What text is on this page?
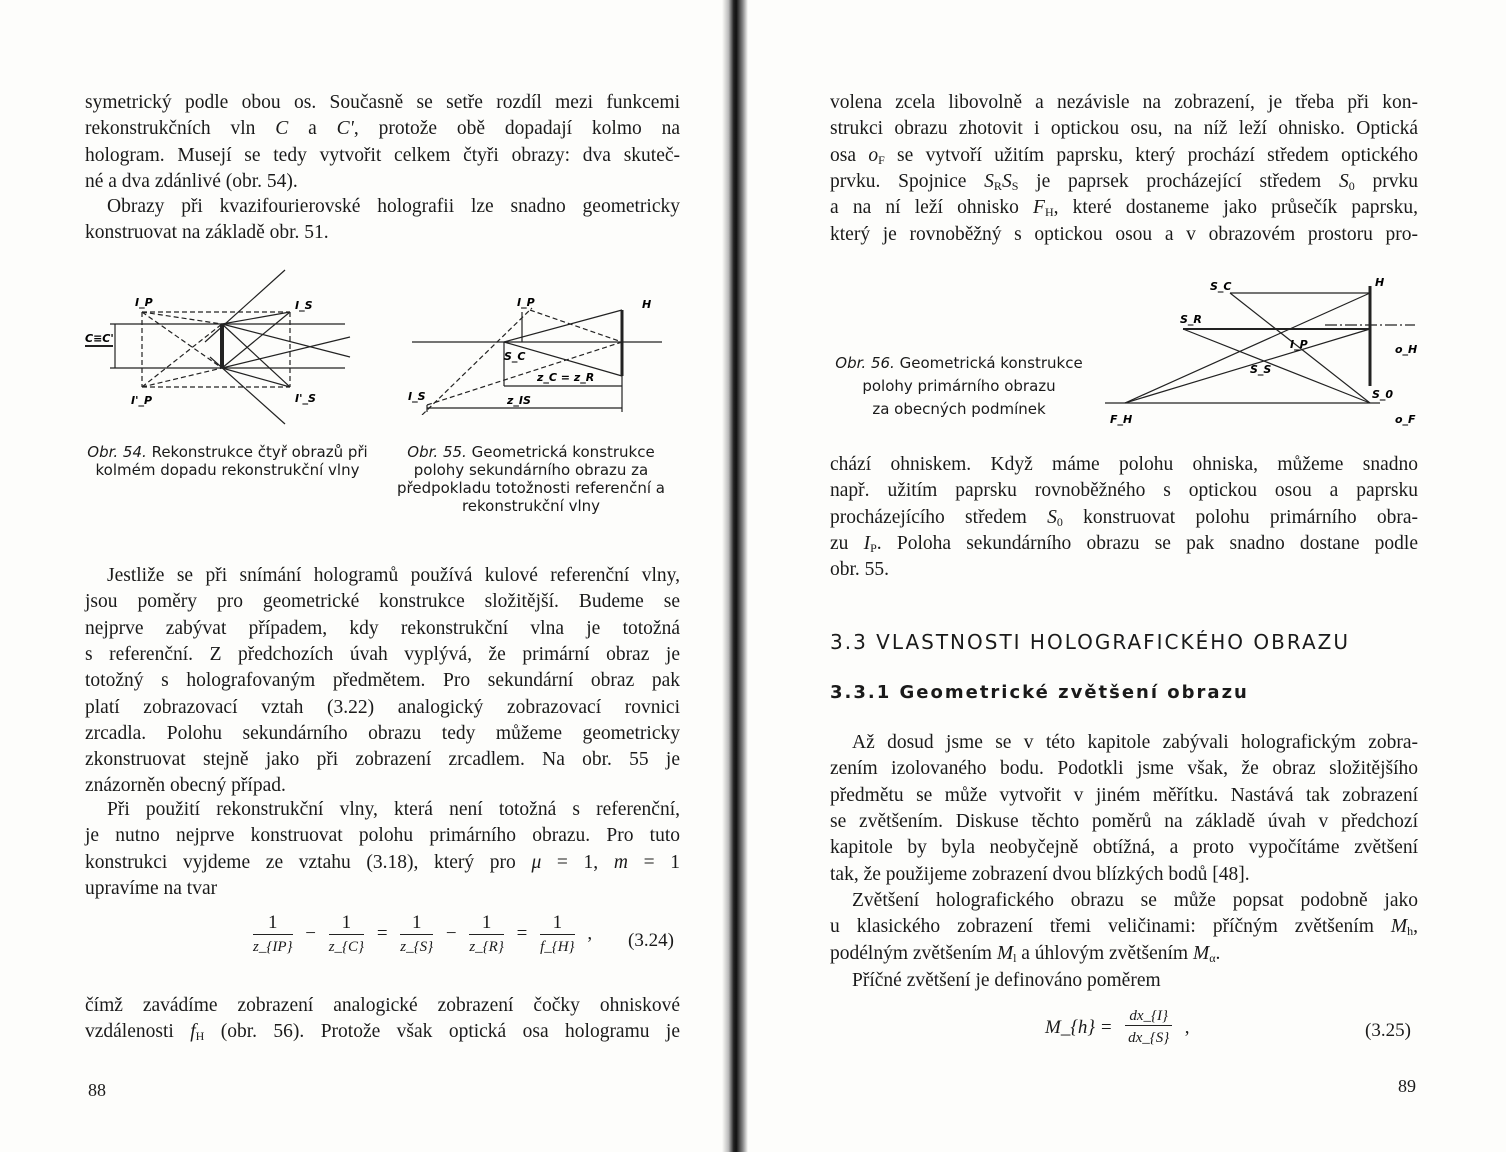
symetrický podle obou os. Současně se setře rozdíl mezi funkcemi
rekonstrukčních vln C a C', protože obě dopadají kolmo na
hologram. Musejí se tedy vytvořit celkem čtyři obrazy: dva skuteč-
né a dva zdánlivé (obr. 54).
Obrazy při kvazifourierovské holografii lze snadno geometricky
konstruovat na základě obr. 51.
C≡C'
I_P	I_S
I'_P	I'_S
I_P	H
S_C
I_S
z_C = z_R
z_IS
Obr. 54. Rekonstrukce čtyř obrazů při kolmém dopadu rekonstrukční vlny
Obr. 55. Geometrická konstrukce polohy sekundárního obrazu za předpokladu totožnosti referenční a rekonstrukční vlny
Jestliže se při snímání hologramů používá kulové referenční vlny,
jsou poměry pro geometrické konstrukce složitější. Budeme se
nejprve zabývat případem, kdy rekonstrukční vlna je totožná
s referenční. Z předchozích úvah vyplývá, že primární obraz je
totožný s holografovaným předmětem. Pro sekundární obraz pak
platí zobrazovací vztah (3.22) analogický zobrazovací rovnici
zrcadla. Polohu sekundárního obrazu tedy můžeme geometricky
zkonstruovat stejně jako při zobrazení zrcadlem. Na obr. 55 je
znázorněn obecný případ.
Při použití rekonstrukční vlny, která není totožná s referenční,
je nutno nejprve konstruovat polohu primárního obrazu. Pro tuto
konstrukci vyjdeme ze vztahu (3.18), který pro μ = 1, m = 1
upravíme na tvar
$\frac{1}{z\_\{IP\}} - \frac{1}{z\_\{C\}} = \frac{1}{z\_\{S\}} - \frac{1}{z\_\{R\}} = \frac{1}{f\_\{H\}}$ , (3.24)
čímž zavádíme zobrazení analogické zobrazení čočky ohniskové
vzdálenosti $f_H$ (obr. 56). Protože však optická osa hologramu je
88
volena zcela libovolně a nezávisle na zobrazení, je třeba při kon-
strukci obrazu zhotovit i optickou osu, na níž leží ohnisko. Optická
osa $o_F$ se vytvoří užitím paprsku, který prochází středem optického
prvku. Spojnice $S_RS_S$ je paprsek procházející středem $S_0$ prvku
a na ní leží ohnisko $F_H$, které dostaneme jako průsečík paprsku,
který je rovnoběžný s optickou osou a v obrazovém prostoru pro-
S_C	H
S_R
I_P	o_H
S_S
S_0
F_H	o_F
Obr. 56. Geometrická konstrukce
polohy primárního obrazu
za obecných podmínek
chází ohniskem. Když máme polohu ohniska, můžeme snadno
např. užitím paprsku rovnoběžného s optickou osou a paprsku
procházejícího středem $S_0$ konstruovat polohu primárního obra-
zu $I_P$. Poloha sekundárního obrazu se pak snadno dostane podle
obr. 55.
3.3 VLASTNOSTI HOLOGRAFICKÉHO OBRAZU
3.3.1 Geometrické zvětšení obrazu
Až dosud jsme se v této kapitole zabývali holografickým zobra-
zením izolovaného bodu. Podotkli jsme však, že obraz složitějšího
předmětu se může vytvořit v jiném měřítku. Nastává tak zobrazení
se zvětšením. Diskuse těchto poměrů na základě úvah v předchozí
kapitole by byla neobyčejně obtížná, a proto vypočítáme zvětšení
tak, že použijeme zobrazení dvou blízkých bodů [48].
Zvětšení holografického obrazu se může popsat podobně jako
u klasického zobrazení třemi veličinami: příčným zvětšením $M_h$,
podélným zvětšením $M_l$ a úhlovým zvětšením $M_\alpha$.
Příčné zvětšení je definováno poměrem
M_{h} = $\frac{dx\_\{I\}}{dx\_\{S\}}$ ,	(3.25)
89
